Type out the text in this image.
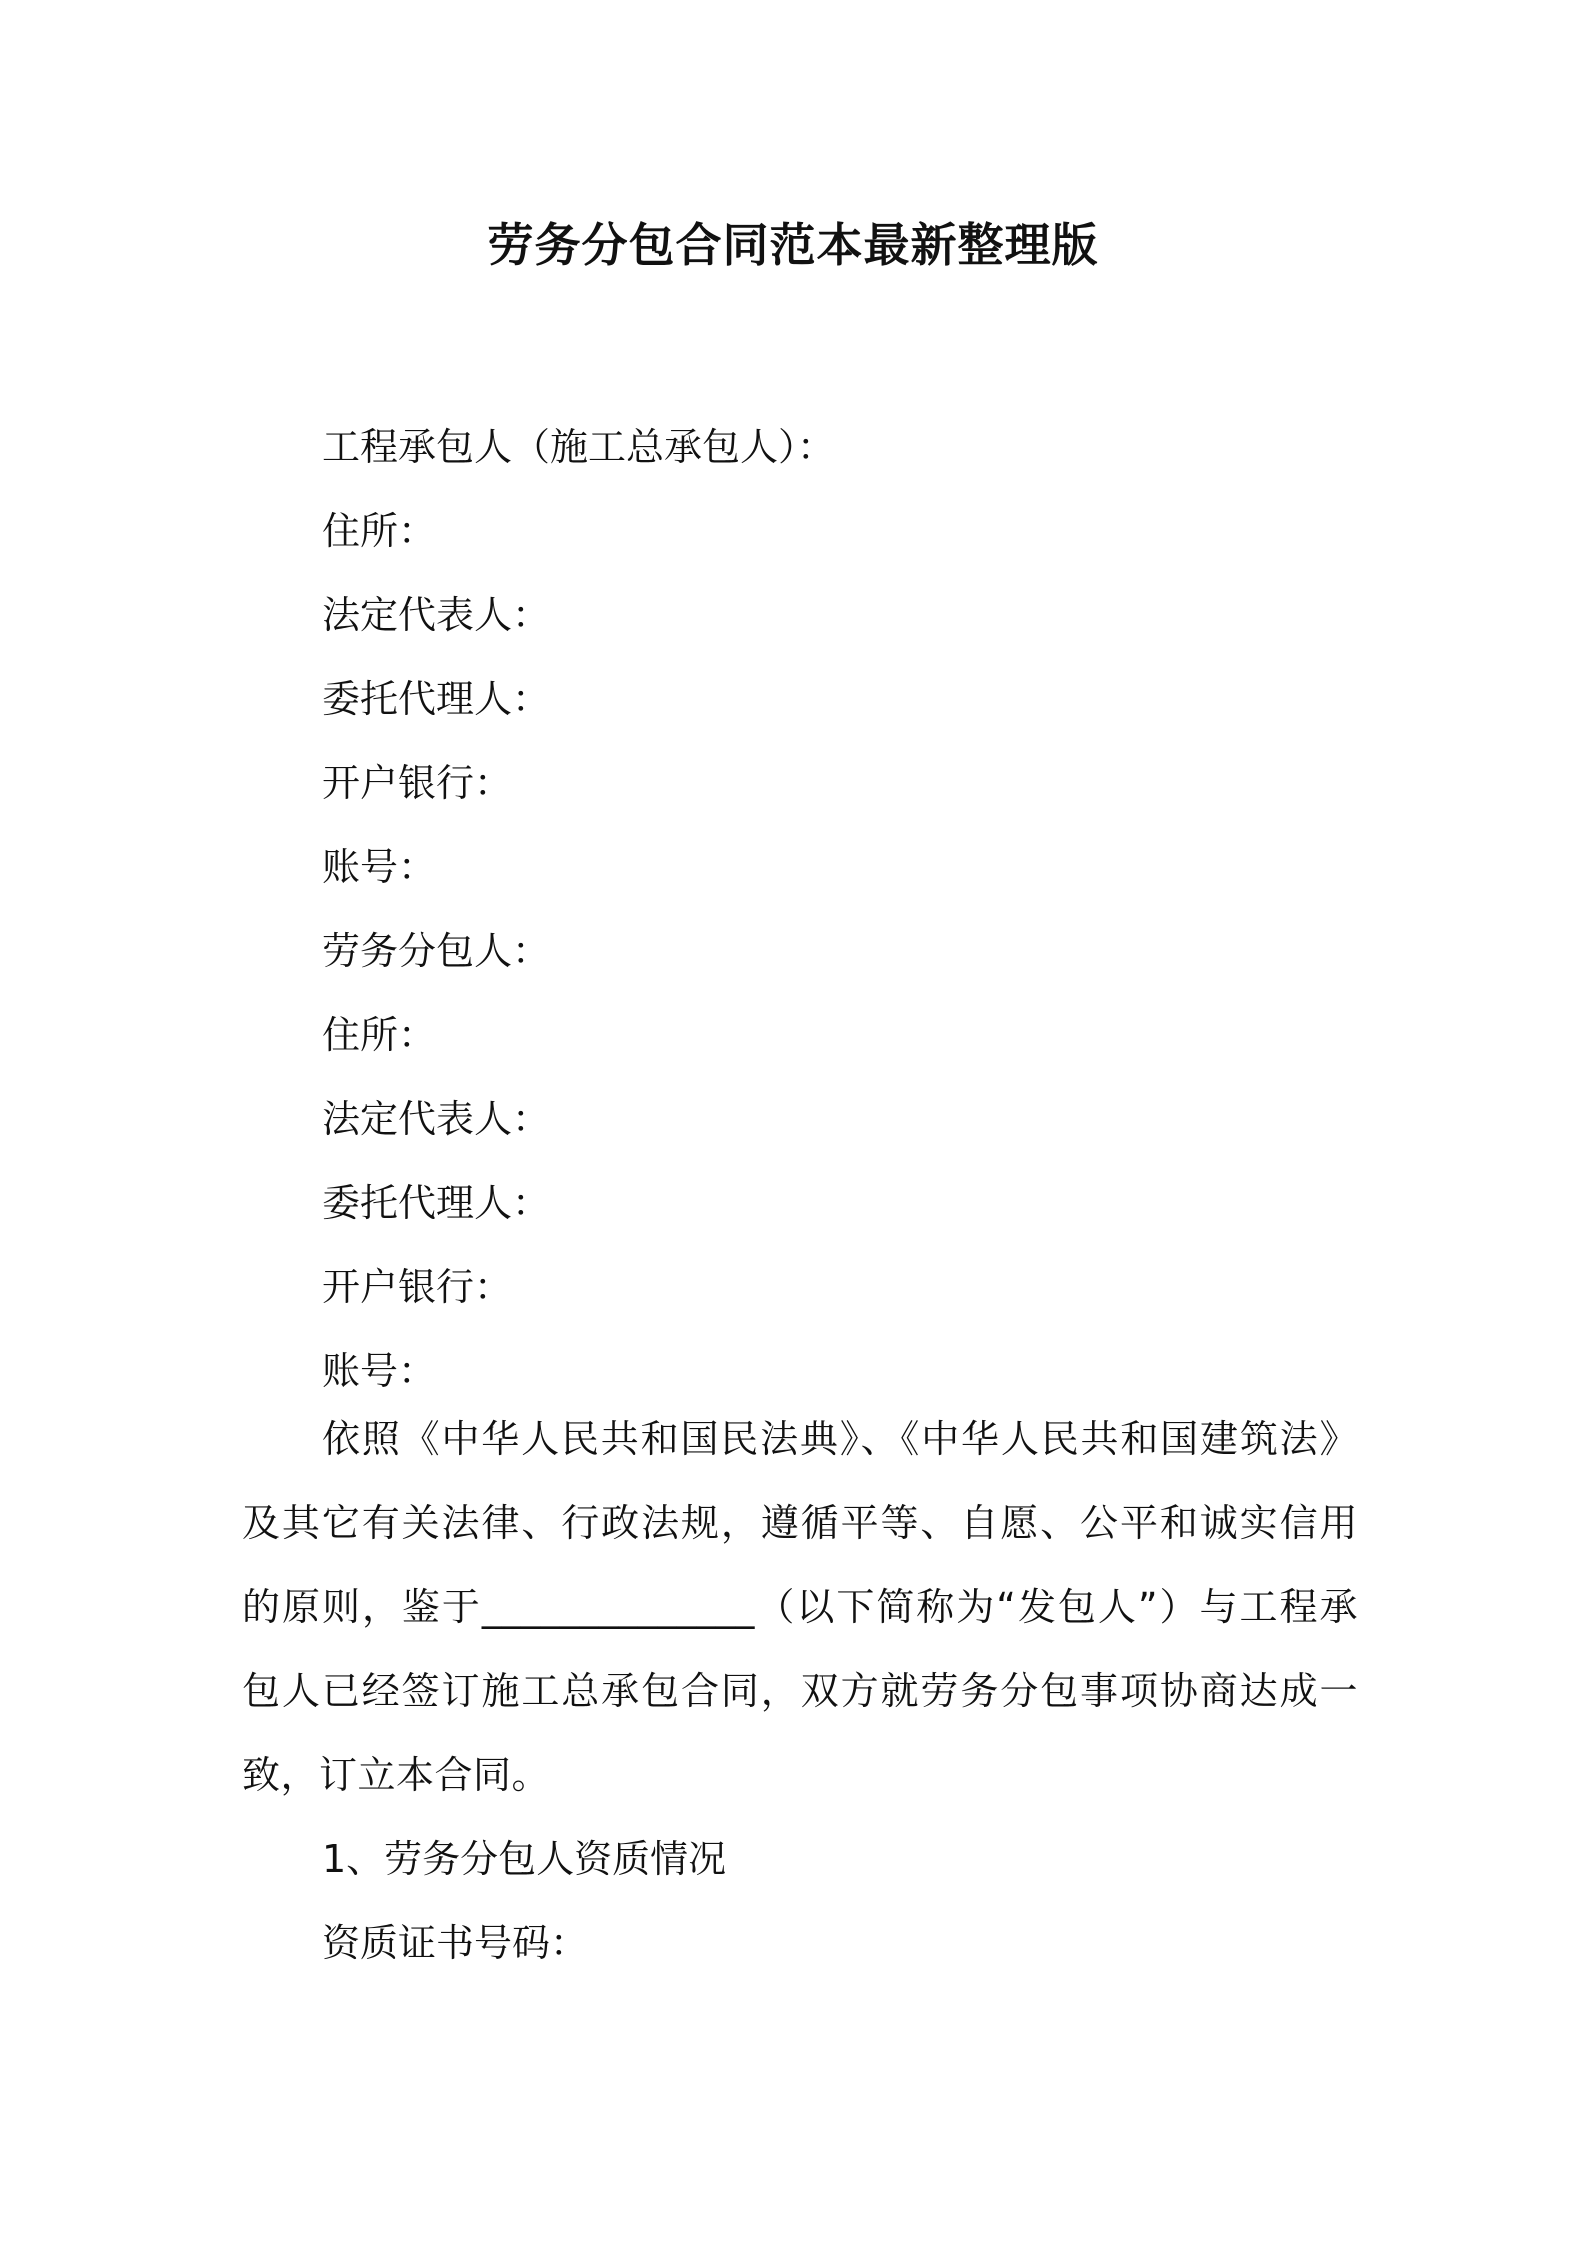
劳务分包合同范本最新整理版
工程承包人（施工总承包人）：
住所：
法定代表人：
委托代理人：
开户银行：
账号：
劳务分包人：
住所：
法定代表人：
委托代理人：
开户银行：
账号：
依照《中华人民共和国民法典》、《中华人民共和国建筑法》及其它有关法律、行政法规，遵循平等、自愿、公平和诚实信用的原则，鉴于______________（以下简称为“发包人”）与工程承包人已经签订施工总承包合同，双方就劳务分包事项协商达成一致，订立本合同。
1、劳务分包人资质情况
资质证书号码：
